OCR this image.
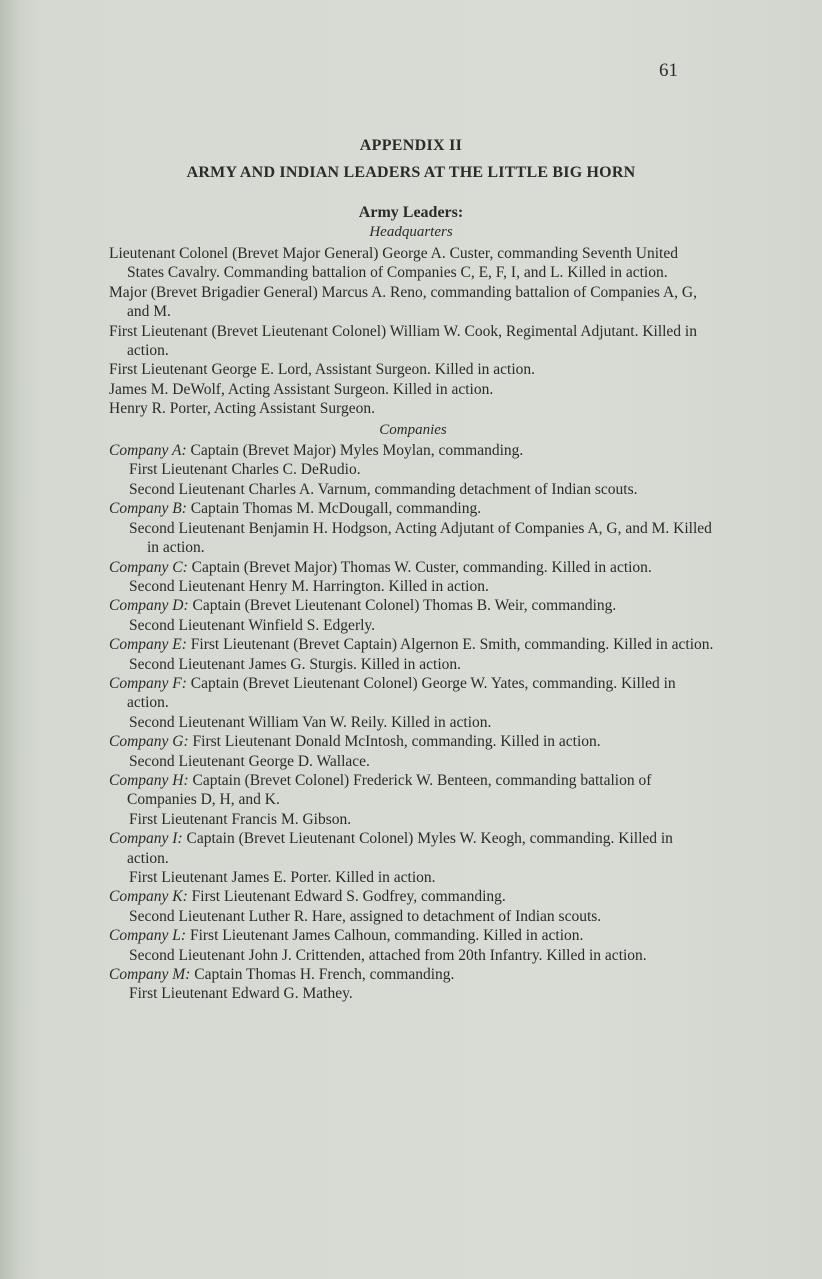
61
APPENDIX II
ARMY AND INDIAN LEADERS AT THE LITTLE BIG HORN
Army Leaders:
Headquarters

Lieutenant Colonel (Brevet Major General) George A. Custer, commanding Seventh United States Cavalry. Commanding battalion of Companies C, E, F, I, and L. Killed in action.

Major (Brevet Brigadier General) Marcus A. Reno, commanding battalion of Companies A, G, and M.

First Lieutenant (Brevet Lieutenant Colonel) William W. Cook, Regimental Adjutant. Killed in action.

First Lieutenant George E. Lord, Assistant Surgeon. Killed in action.

James M. DeWolf, Acting Assistant Surgeon. Killed in action.

Henry R. Porter, Acting Assistant Surgeon.

Companies

Company A: Captain (Brevet Major) Myles Moylan, commanding.

First Lieutenant Charles C. DeRudio.

Second Lieutenant Charles A. Varnum, commanding detachment of Indian scouts.

Company B: Captain Thomas M. McDougall, commanding.

Second Lieutenant Benjamin H. Hodgson, Acting Adjutant of Companies A, G, and M. Killed in action.

Company C: Captain (Brevet Major) Thomas W. Custer, commanding. Killed in action.

Second Lieutenant Henry M. Harrington. Killed in action.

Company D: Captain (Brevet Lieutenant Colonel) Thomas B. Weir, commanding.

Second Lieutenant Winfield S. Edgerly.

Company E: First Lieutenant (Brevet Captain) Algernon E. Smith, commanding. Killed in action.

Second Lieutenant James G. Sturgis. Killed in action.

Company F: Captain (Brevet Lieutenant Colonel) George W. Yates, commanding. Killed in action.

Second Lieutenant William Van W. Reily. Killed in action.

Company G: First Lieutenant Donald McIntosh, commanding. Killed in action.

Second Lieutenant George D. Wallace.

Company H: Captain (Brevet Colonel) Frederick W. Benteen, commanding battalion of Companies D, H, and K.

First Lieutenant Francis M. Gibson.

Company I: Captain (Brevet Lieutenant Colonel) Myles W. Keogh, commanding. Killed in action.

First Lieutenant James E. Porter. Killed in action.

Company K: First Lieutenant Edward S. Godfrey, commanding.

Second Lieutenant Luther R. Hare, assigned to detachment of Indian scouts.

Company L: First Lieutenant James Calhoun, commanding. Killed in action.

Second Lieutenant John J. Crittenden, attached from 20th Infantry. Killed in action.

Company M: Captain Thomas H. French, commanding.

First Lieutenant Edward G. Mathey.
